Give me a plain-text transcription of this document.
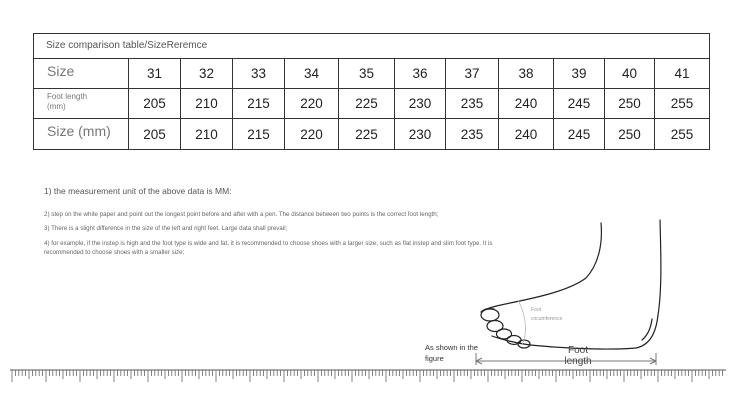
Size comparison table/SizeReremce
Size	31	32	33	34	35	36	37	38	39	40	41
Foot length (mm)	205	210	215	220	225	230	235	240	245	250	255
Size (mm)	205	210	215	220	225	230	235	240	245	250	255
1) the measurement unit of the above data is MM:
2) step on the white paper and point out the longest point before and after with a pen. The distance between two points is the correct foot length;
3) There is a slight difference in the size of the left and right feet. Large data shall prevail;
4) for example, if the instep is high and the foot type is wide and fat, it is recommended to choose shoes with a larger size, such as flat instep and slim foot type. It is recommended to choose shoes with a smaller size;
Foot circumference
As shown in the figure
Foot length
